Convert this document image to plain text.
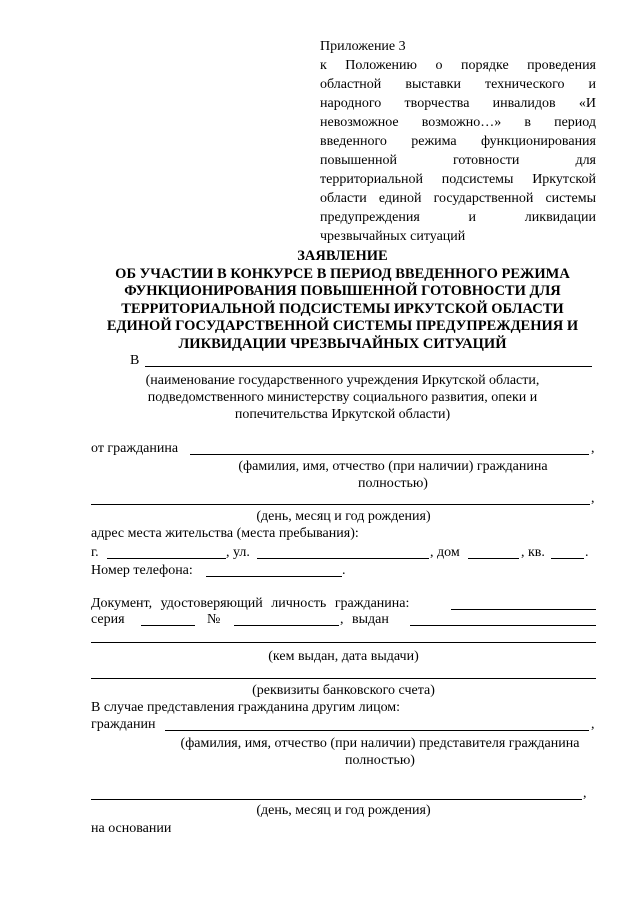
Приложение 3
к Положению о порядке проведения
областной выставки технического и
народного творчества инвалидов «И
невозможное возможно…» в период
введенного режима функционирования
повышенной готовности для
территориальной подсистемы Иркутской
области единой государственной системы
предупреждения и ликвидации
чрезвычайных ситуаций
ЗАЯВЛЕНИЕ
ОБ УЧАСТИИ В КОНКУРСЕ В ПЕРИОД ВВЕДЕННОГО РЕЖИМА
ФУНКЦИОНИРОВАНИЯ ПОВЫШЕННОЙ ГОТОВНОСТИ ДЛЯ
ТЕРРИТОРИАЛЬНОЙ ПОДСИСТЕМЫ ИРКУТСКОЙ ОБЛАСТИ
ЕДИНОЙ ГОСУДАРСТВЕННОЙ СИСТЕМЫ ПРЕДУПРЕЖДЕНИЯ И
ЛИКВИДАЦИИ ЧРЕЗВЫЧАЙНЫХ СИТУАЦИЙ
В
(наименование государственного учреждения Иркутской области,
подведомственного министерству социального развития, опеки и
попечительства Иркутской области)
от гражданина	,
(фамилия, имя, отчество (при наличии) гражданина
полностью)
,
(день, месяц и год рождения)
адрес места жительства (места пребывания):
г.	, ул.	, дом	, кв.	.
Номер телефона:	.
Документ, удостоверяющий личность гражданина:
серия	№	, выдан
(кем выдан, дата выдачи)
(реквизиты банковского счета)
В случае представления гражданина другим лицом:
гражданин	,
(фамилия, имя, отчество (при наличии) представителя гражданина
полностью)
,
(день, месяц и год рождения)
на основании
